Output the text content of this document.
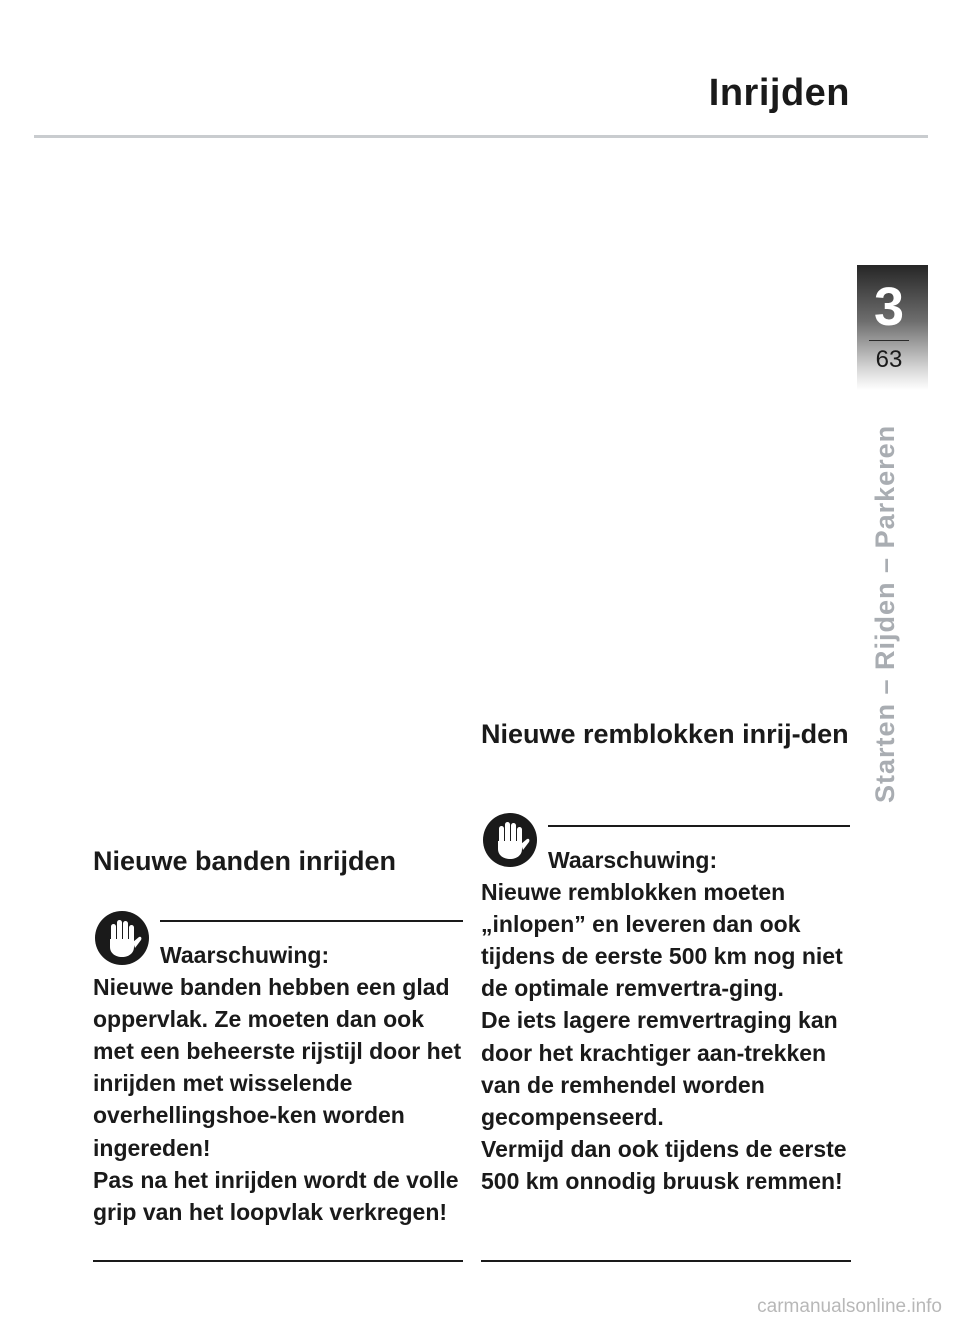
Inrijden
3
63
Starten – Rijden – Parkeren
Nieuwe banden inrijden
Waarschuwing:
Nieuwe banden hebben een glad oppervlak. Ze moeten dan ook met een beheerste rijstijl door het inrijden met wisselende overhellingshoe-ken worden ingereden!
Pas na het inrijden wordt de volle grip van het loopvlak verkregen!
Nieuwe remblokken inrij-den
Waarschuwing:
Nieuwe remblokken moeten „inlopen” en leveren dan ook tijdens de eerste 500 km nog niet de optimale remvertra-ging.
De iets lagere remvertraging kan door het krachtiger aan-trekken van de remhendel worden gecompenseerd.
Vermijd dan ook tijdens de eerste 500 km onnodig bruusk remmen!
carmanualsonline.info
